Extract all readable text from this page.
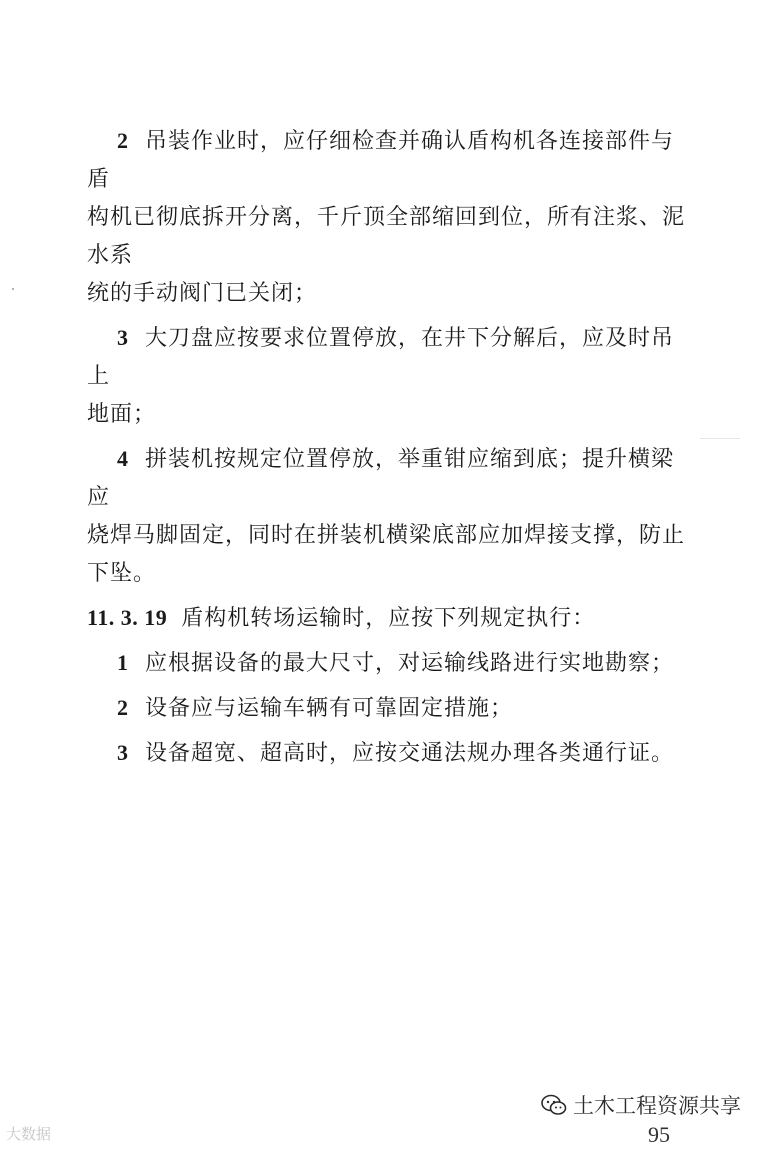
2 吊装作业时，应仔细检查并确认盾构机各连接部件与盾
构机已彻底拆开分离，千斤顶全部缩回到位，所有注浆、泥水系
统的手动阀门已关闭；
3 大刀盘应按要求位置停放，在井下分解后，应及时吊上
地面；
4 拼装机按规定位置停放，举重钳应缩到底；提升横梁应
烧焊马脚固定，同时在拼装机横梁底部应加焊接支撑，防止
下坠。
11. 3. 19 盾构机转场运输时，应按下列规定执行：
1 应根据设备的最大尺寸，对运输线路进行实地勘察；
2 设备应与运输车辆有可靠固定措施；
3 设备超宽、超高时，应按交通法规办理各类通行证。
大数据
土木工程资源共享
95
